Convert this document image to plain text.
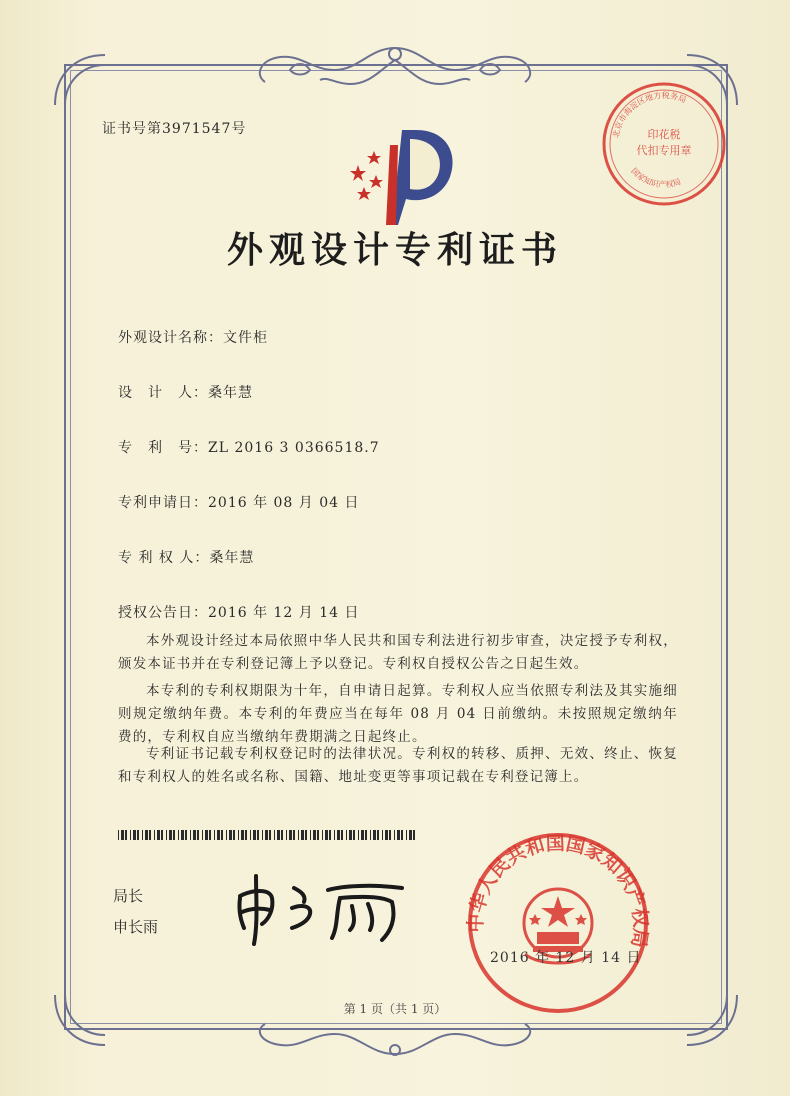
证书号第3971547号	印花税
代扣专用章
北京市海淀区地方税务局
国家知识产权局
外观设计专利证书
外观设计名称：文件柜
设　计　人：桑年慧
专　利　号：ZL 2016 3 0366518.7
专利申请日：2016 年 08 月 04 日
专 利 权 人：桑年慧
授权公告日：2016 年 12 月 14 日
本外观设计经过本局依照中华人民共和国专利法进行初步审查，决定授予专利权，颁发本证书并在专利登记簿上予以登记。专利权自授权公告之日起生效。
本专利的专利权期限为十年，自申请日起算。专利权人应当依照专利法及其实施细则规定缴纳年费。本专利的年费应当在每年 08 月 04 日前缴纳。未按照规定缴纳年费的，专利权自应当缴纳年费期满之日起终止。
专利证书记载专利权登记时的法律状况。专利权的转移、质押、无效、终止、恢复和专利权人的姓名或名称、国籍、地址变更等事项记载在专利登记簿上。
局长
申长雨	中华人民共和国国家知识产权局
2016 年 12 月 14 日
第 1 页（共 1 页）
